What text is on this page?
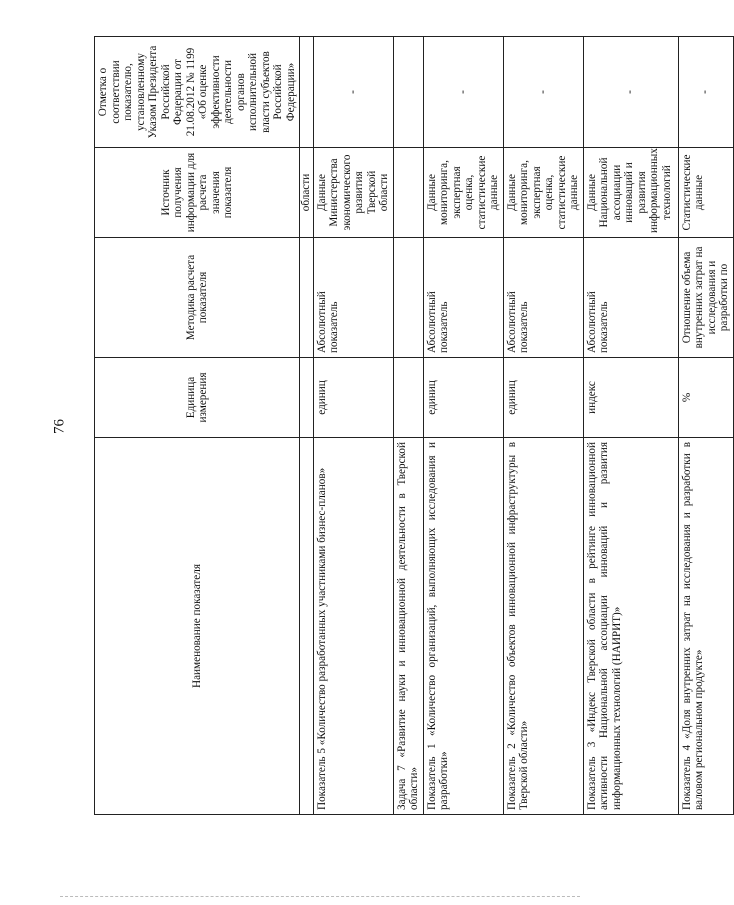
76
Наименование показателя	Единица измерения	Методика расчета показателя	Источник получения информации для расчета значения показателя	Отметка о соответствии показателю, установленному Указом Президента Российской Федерации от 21.08.2012 № 1199 «Об оценке эффективности деятельности органов исполнительной власти субъектов Российской Федерации»
			области	
Показатель 5 «Количество разработанных участниками бизнес-планов»	единиц	Абсолютный показатель	Данные Министерства экономического развития Тверской области	-
Задача 7 «Развитие науки и инновационной деятельности в Тверской области»				
Показатель 1 «Количество организаций, выполняющих исследования и разработки»	единиц	Абсолютный показатель	Данные мониторинга, экспертная оценка, статистические данные	-
Показатель 2 «Количество объектов инновационной инфраструктуры в Тверской области»	единиц	Абсолютный показатель	Данные мониторинга, экспертная оценка, статистические данные	-
Показатель 3 «Индекс Тверской области в рейтинге инновационной активности Национальной ассоциации инноваций и развития информационных технологий (НАИРИТ)»	индекс	Абсолютный показатель	Данные Национальной ассоциации инноваций и развития информационных технологий	-
Показатель 4 «Доля внутренних затрат на исследования и разработки в валовом региональном продукте»	%	Отношение объема внутренних затрат на исследования и разработки по	Статистические данные	-
